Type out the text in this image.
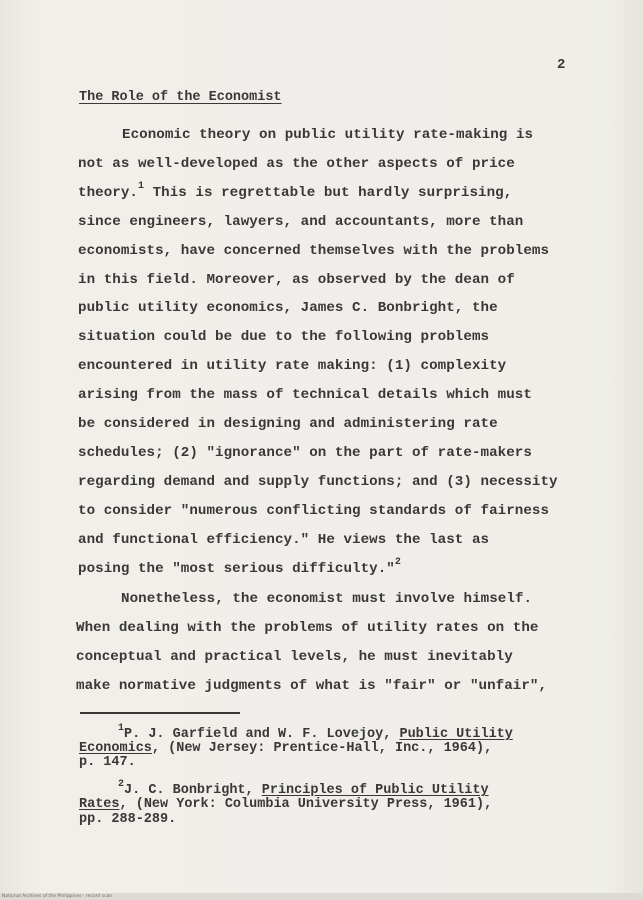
2
The Role of the Economist
Economic theory on public utility rate-making is
not as well-developed as the other aspects of price
theory.$^1$ This is regrettable but hardly surprising,
since engineers, lawyers, and accountants, more than
economists, have concerned themselves with the problems
in this field. Moreover, as observed by the dean of
public utility economics, James C. Bonbright, the
situation could be due to the following problems
encountered in utility rate making: (1) complexity
arising from the mass of technical details which must
be considered in designing and administering rate
schedules; (2) "ignorance" on the part of rate-makers
regarding demand and supply functions; and (3) necessity
to consider "numerous conflicting standards of fairness
and functional efficiency." He views the last as
posing the "most serious difficulty."$^2$
Nonetheless, the economist must involve himself.
When dealing with the problems of utility rates on the
conceptual and practical levels, he must inevitably
make normative judgments of what is "fair" or "unfair",
$^1$P. J. Garfield and W. F. Lovejoy, Public Utility
Economics, (New Jersey: Prentice-Hall, Inc., 1964),
p. 147.
$^2$J. C. Bonbright, Principles of Public Utility
Rates, (New York: Columbia University Press, 1961),
pp. 288-289.
National Archives of the Philippines · record scan
